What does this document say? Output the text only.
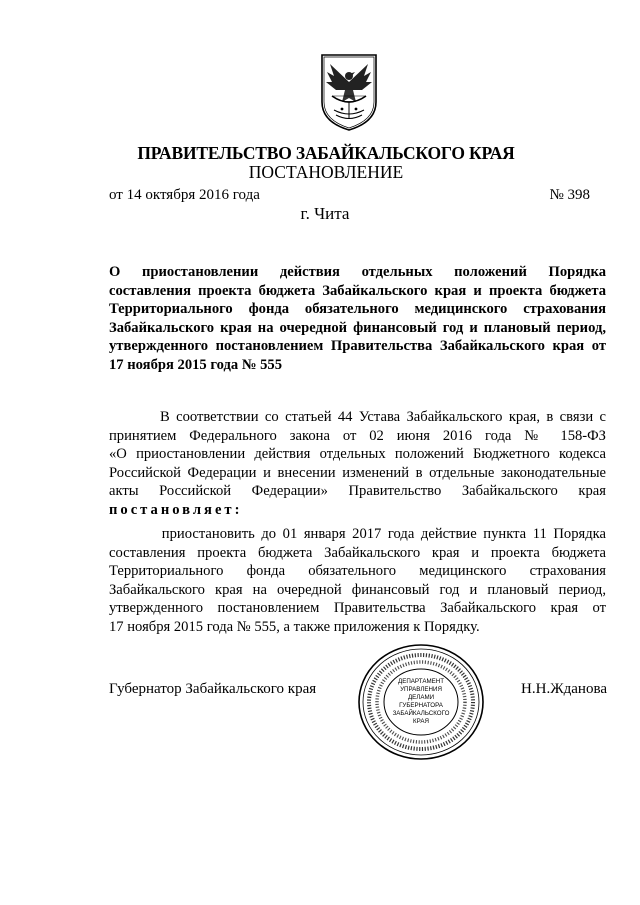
ПРАВИТЕЛЬСТВО ЗАБАЙКАЛЬСКОГО КРАЯ
ПОСТАНОВЛЕНИЕ
от 14 октября 2016 года	№ 398
г. Чита
О приостановлении действия отдельных положений Порядка
составления проекта бюджета Забайкальского края и проекта бюджета
Территориального фонда обязательного медицинского страхования
Забайкальского края на очередной финансовый год и плановый период,
утвержденного постановлением Правительства Забайкальского края от
17 ноября 2015 года № 555
В соответствии со статьей 44 Устава Забайкальского края, в связи с
принятием Федерального закона от 02 июня 2016 года № 158-ФЗ
«О приостановлении действия отдельных положений Бюджетного кодекса
Российской Федерации и внесении изменений в отдельные законодательные
акты Российской Федерации» Правительство Забайкальского края
постановляет:
приостановить до 01 января 2017 года действие пункта 11 Порядка
составления проекта бюджета Забайкальского края и проекта бюджета
Территориального фонда обязательного медицинского страхования
Забайкальского края на очередной финансовый год и плановый период,
утвержденного постановлением Правительства Забайкальского края от
17 ноября 2015 года № 555, а также приложения к Порядку.
Губернатор Забайкальского края	Н.Н.Жданова
ДЕПАРТАМЕНТ
УПРАВЛЕНИЯ
ДЕЛАМИ
ГУБЕРНАТОРА
ЗАБАЙКАЛЬСКОГО
КРАЯ
